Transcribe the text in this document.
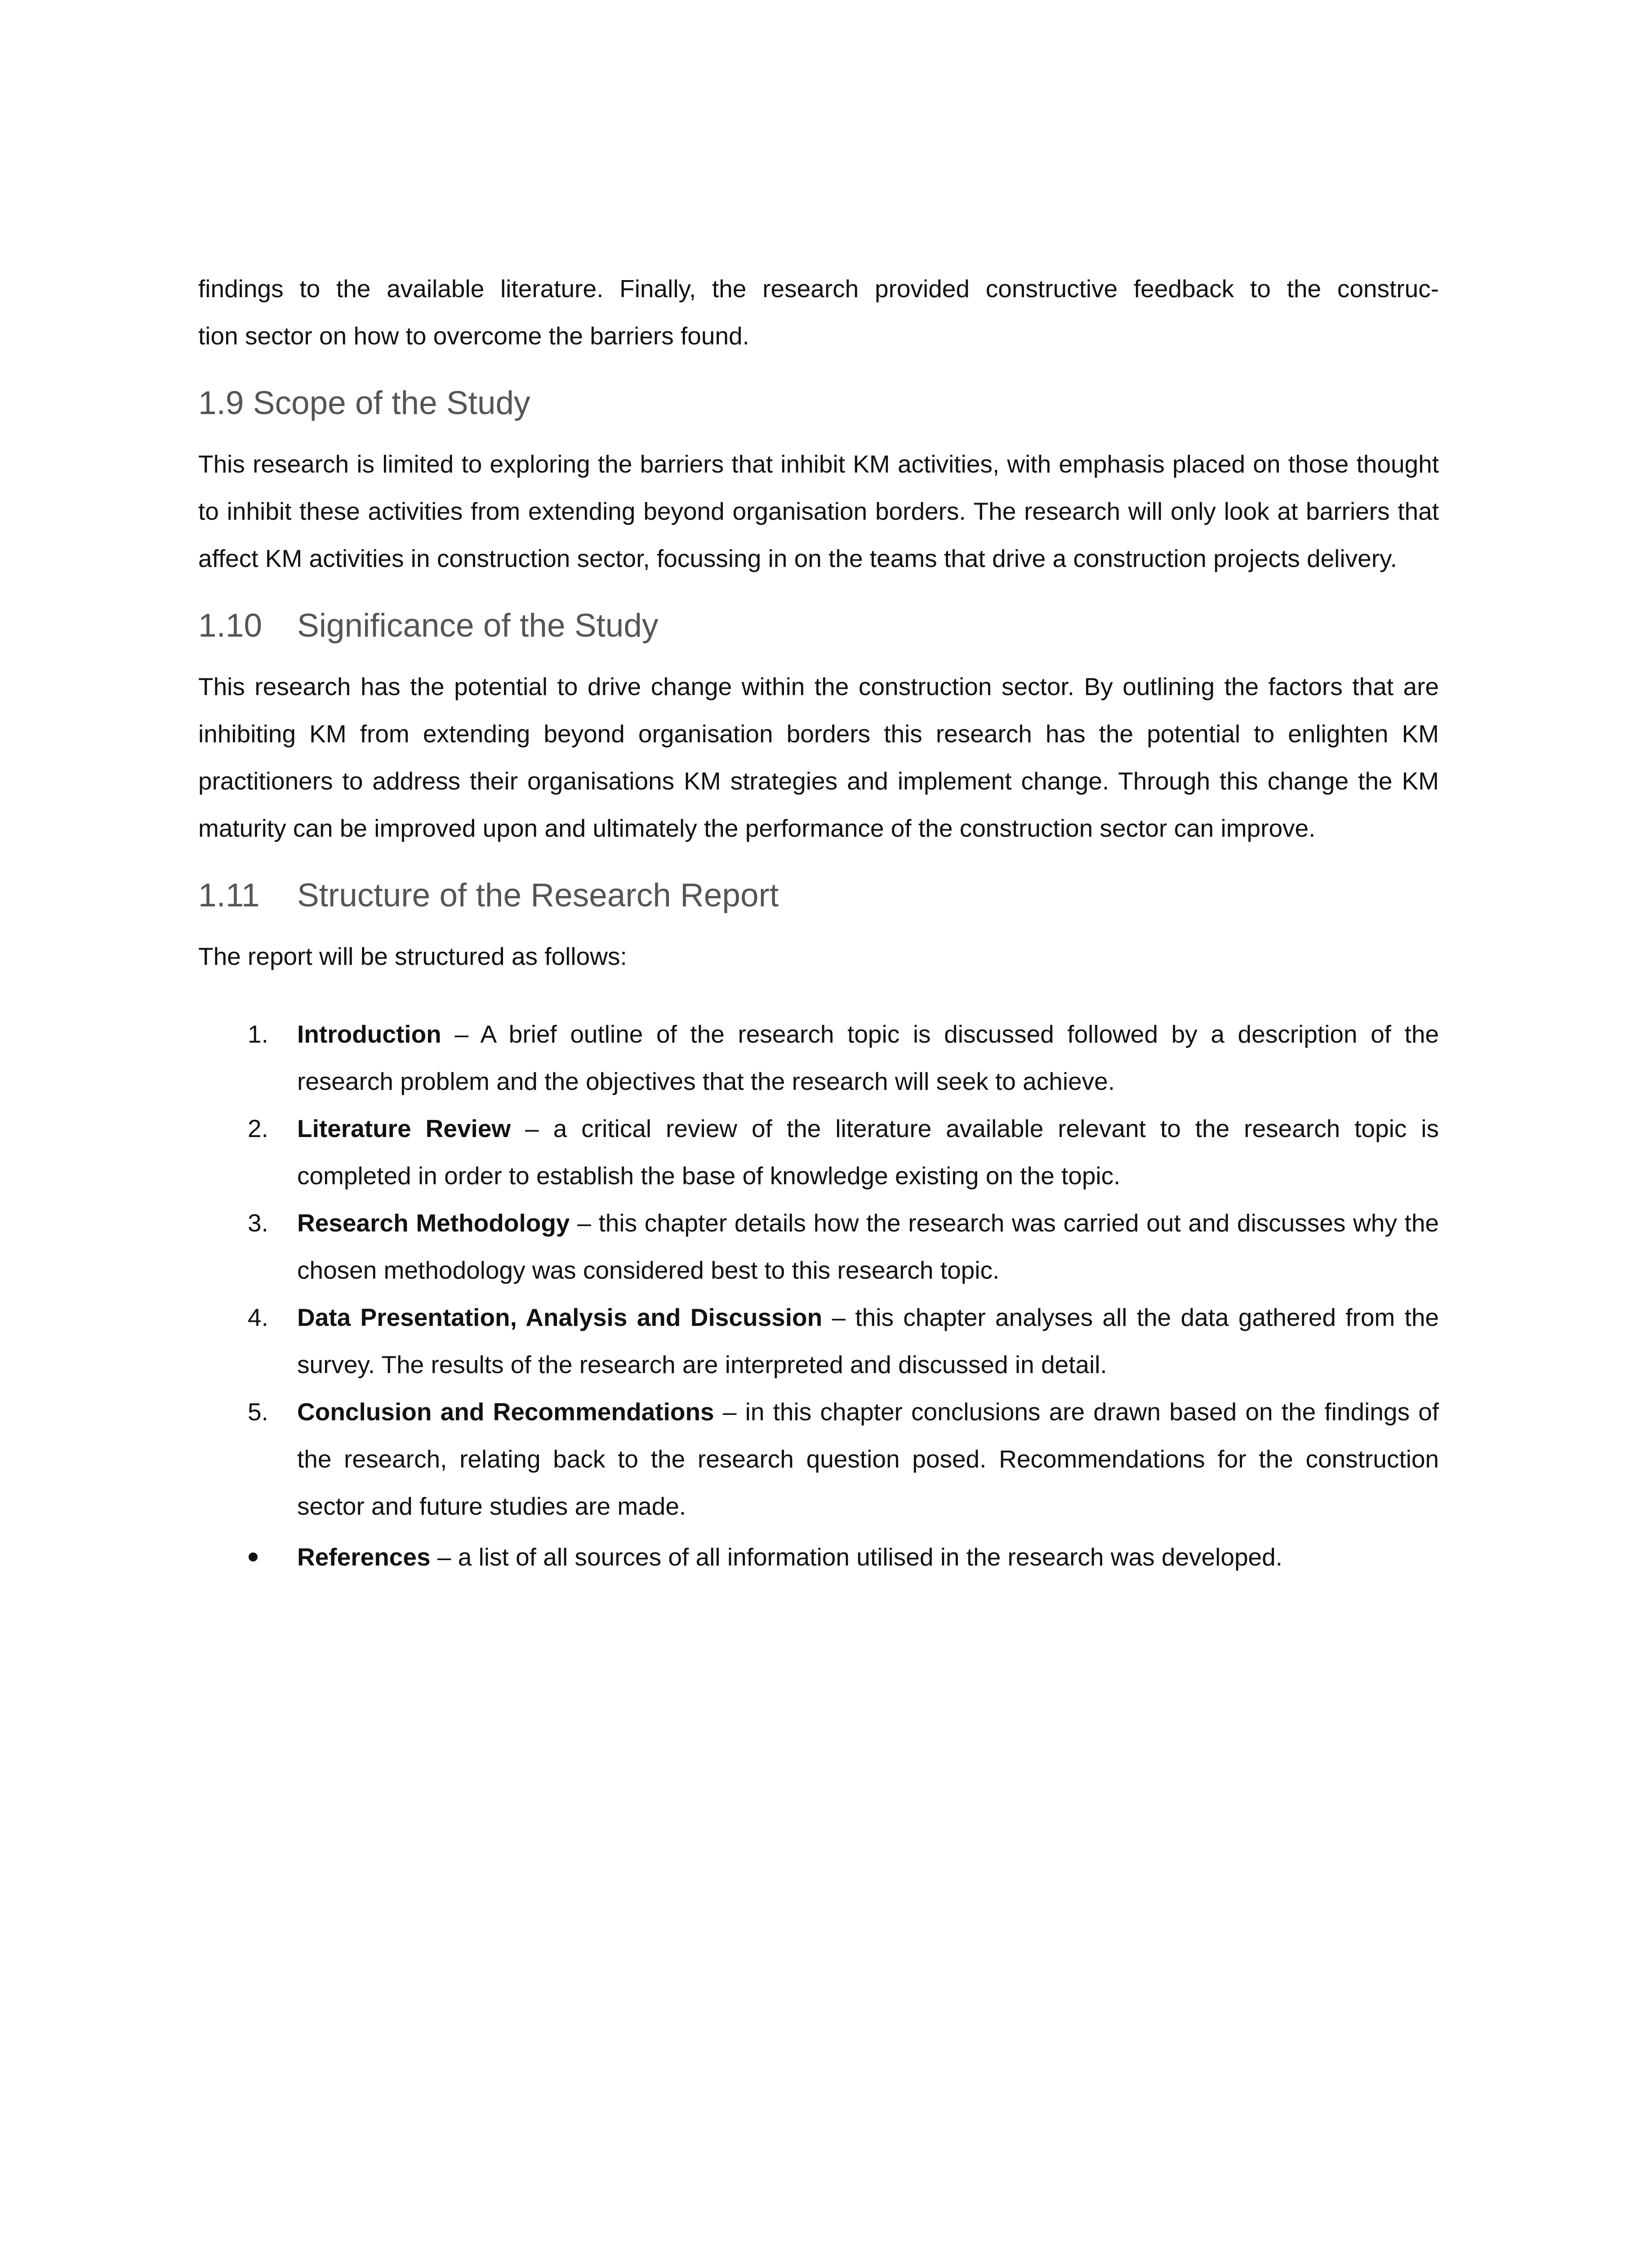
findings to the available literature. Finally, the research provided constructive feedback to the construc-

tion sector on how to overcome the barriers found.

1.9 Scope of the Study

This research is limited to exploring the barriers that inhibit KM activities, with emphasis placed on those thought to inhibit these activities from extending beyond organisation borders. The research will only look at barriers that affect KM activities in construction sector, focussing in on the teams that drive a construction projects delivery.

1.10 Significance of the Study

This research has the potential to drive change within the construction sector. By outlining the factors that are inhibiting KM from extending beyond organisation borders this research has the potential to enlighten KM practitioners to address their organisations KM strategies and implement change. Through this change the KM maturity can be improved upon and ultimately the performance of the construction sector can improve.

1.11 Structure of the Research Report

The report will be structured as follows:

1. Introduction – A brief outline of the research topic is discussed followed by a description of the research problem and the objectives that the research will seek to achieve.
2. Literature Review – a critical review of the literature available relevant to the research topic is completed in order to establish the base of knowledge existing on the topic.
3. Research Methodology – this chapter details how the research was carried out and discusses why the chosen methodology was considered best to this research topic.
4. Data Presentation, Analysis and Discussion – this chapter analyses all the data gathered from the survey. The results of the research are interpreted and discussed in detail.
5. Conclusion and Recommendations – in this chapter conclusions are drawn based on the findings of the research, relating back to the research question posed. Recommendations for the construction sector and future studies are made.
References – a list of all sources of all information utilised in the research was developed.
